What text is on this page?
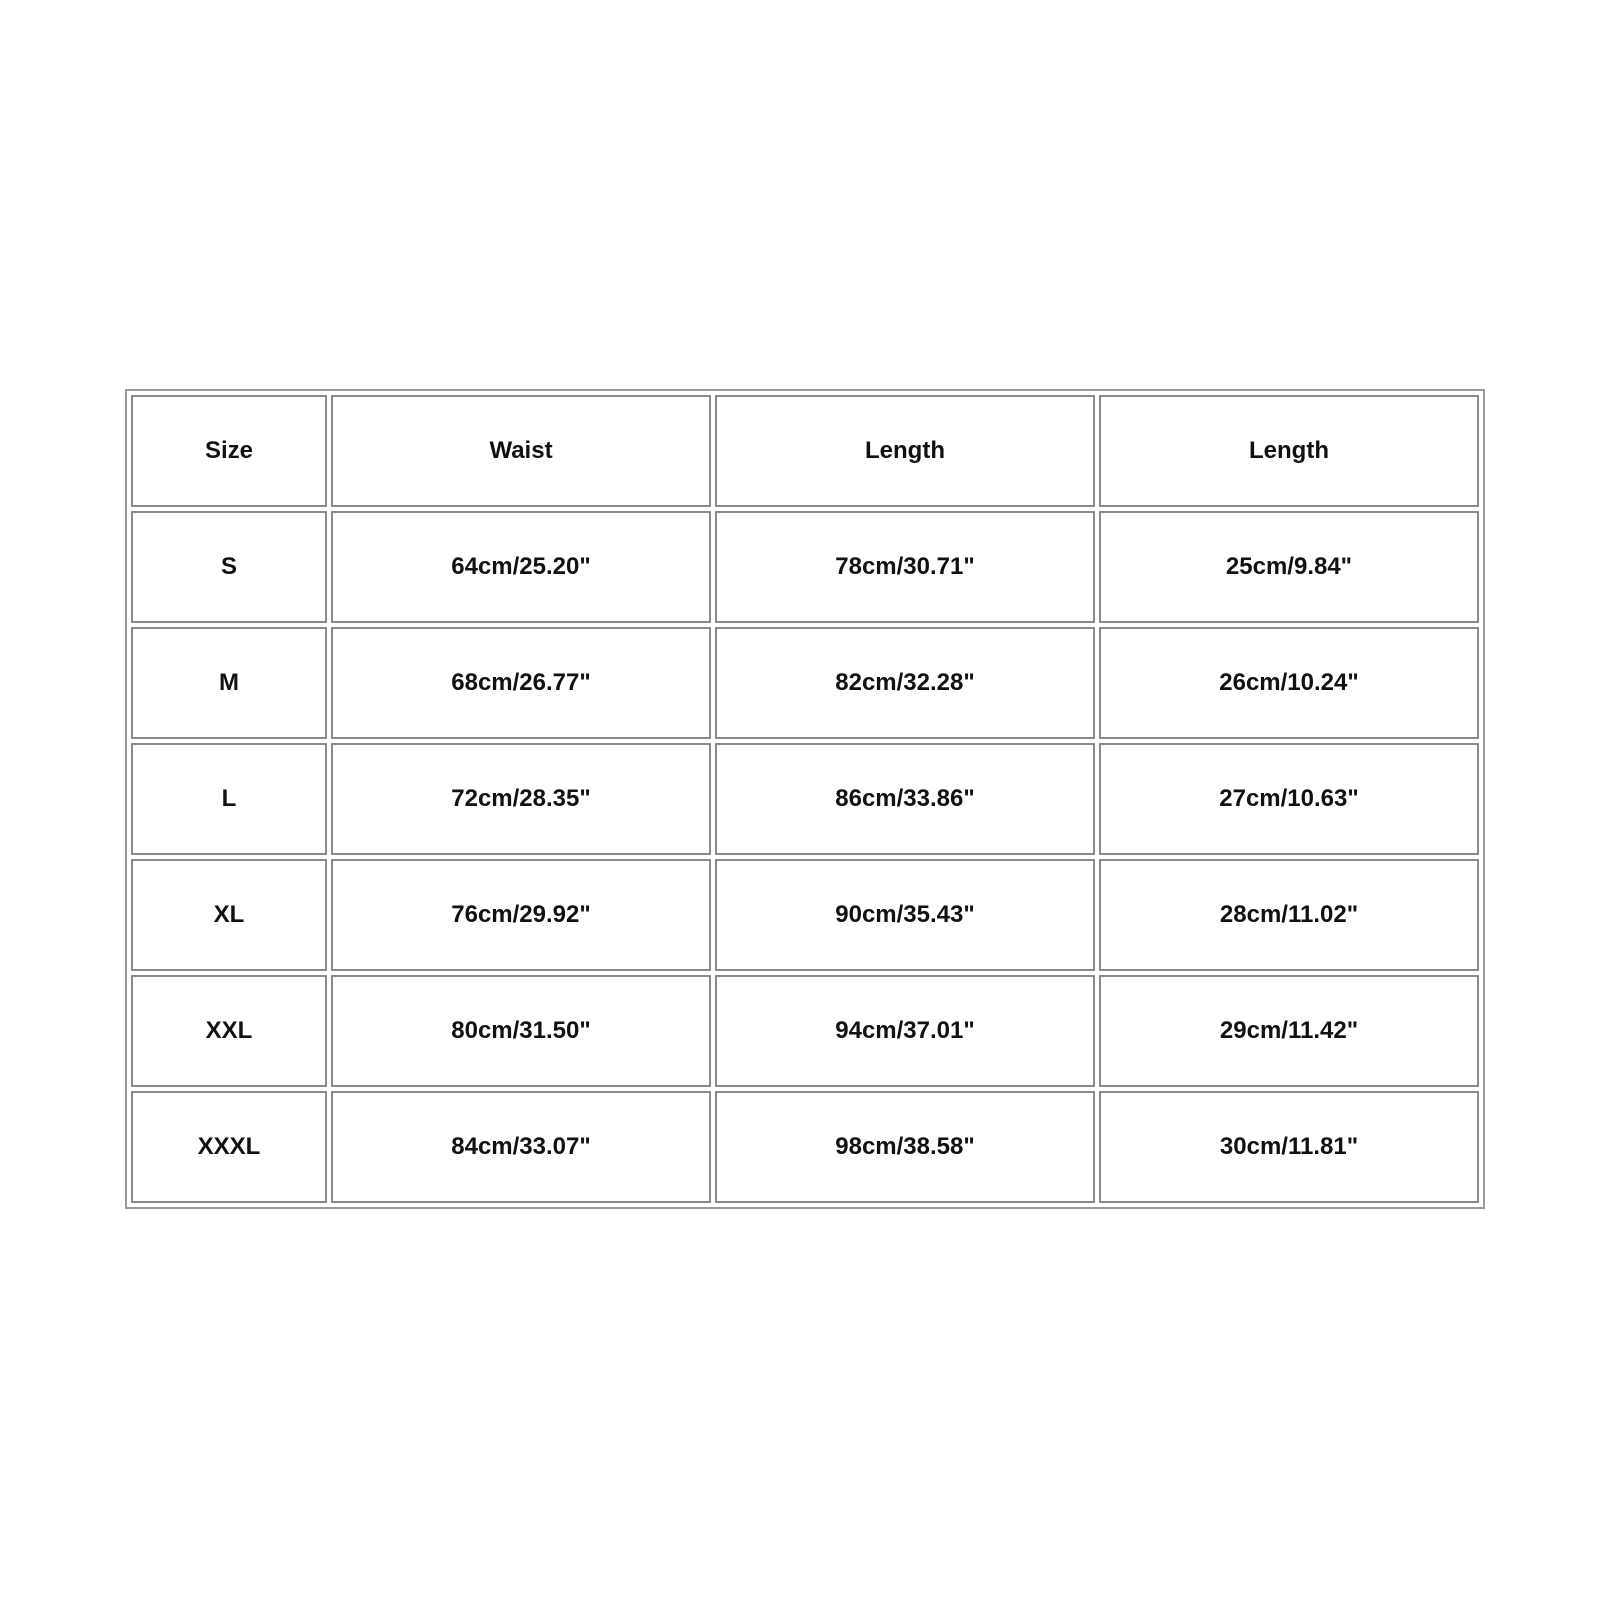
Size	Waist	Length	Length
S	64cm/25.20"	78cm/30.71"	25cm/9.84"
M	68cm/26.77"	82cm/32.28"	26cm/10.24"
L	72cm/28.35"	86cm/33.86"	27cm/10.63"
XL	76cm/29.92"	90cm/35.43"	28cm/11.02"
XXL	80cm/31.50"	94cm/37.01"	29cm/11.42"
XXXL	84cm/33.07"	98cm/38.58"	30cm/11.81"
